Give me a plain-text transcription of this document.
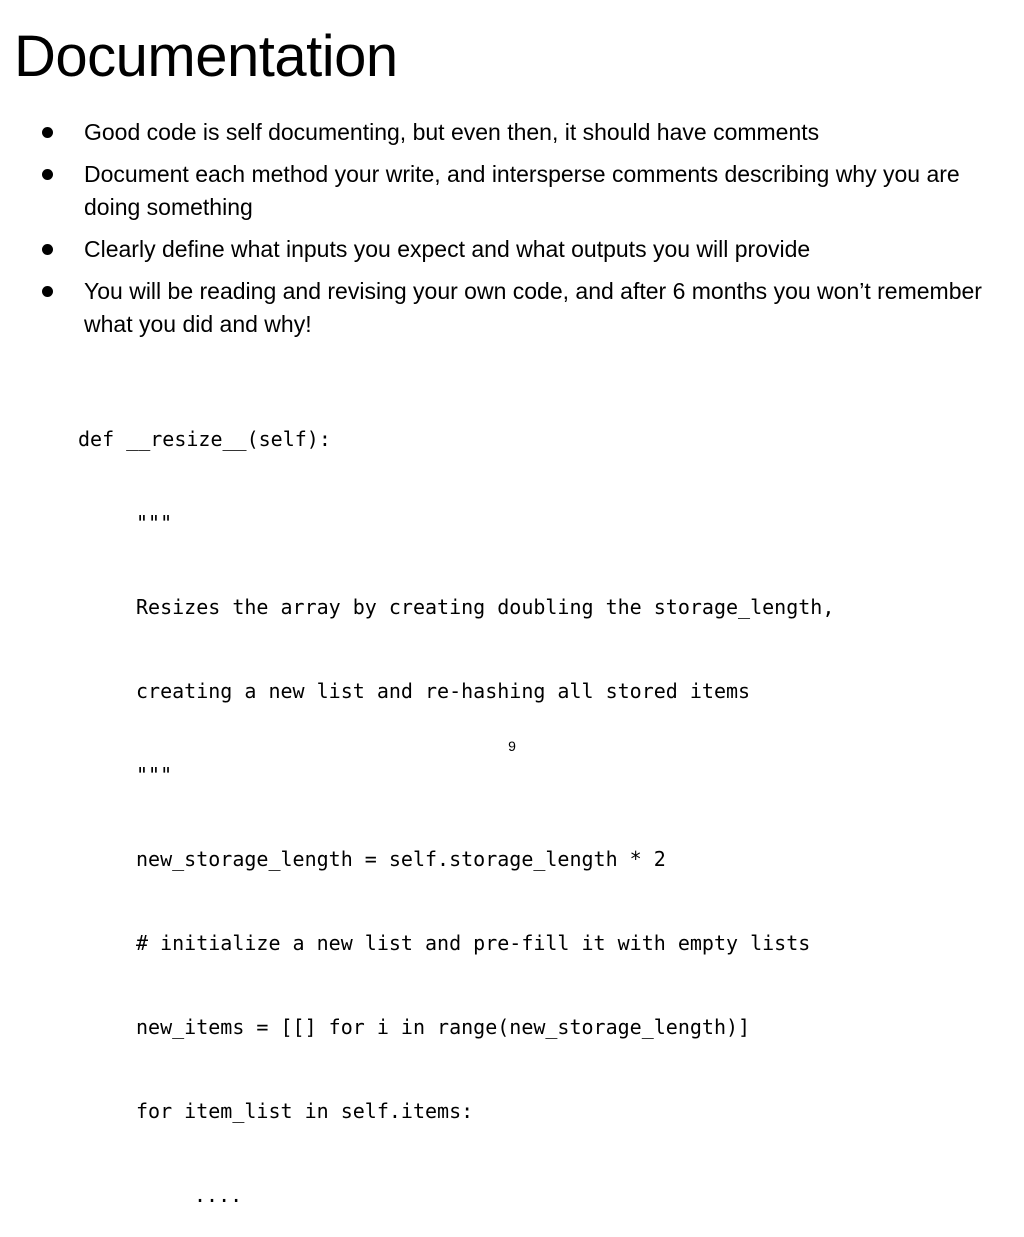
Documentation
Good code is self documenting, but even then, it should have comments
Document each method your write, and intersperse comments describing why you are doing something
Clearly define what inputs you expect and what outputs you will provide
You will be reading and revising your own code, and after 6 months you won’t remember what you did and why!

def __resize__(self):

"""

Resizes the array by creating doubling the storage_length,

creating a new list and re-hashing all stored items

"""

new_storage_length = self.storage_length * 2

# initialize a new list and pre-fill it with empty lists

new_items = [[] for i in range(new_storage_length)]

for item_list in self.items:

....

9
